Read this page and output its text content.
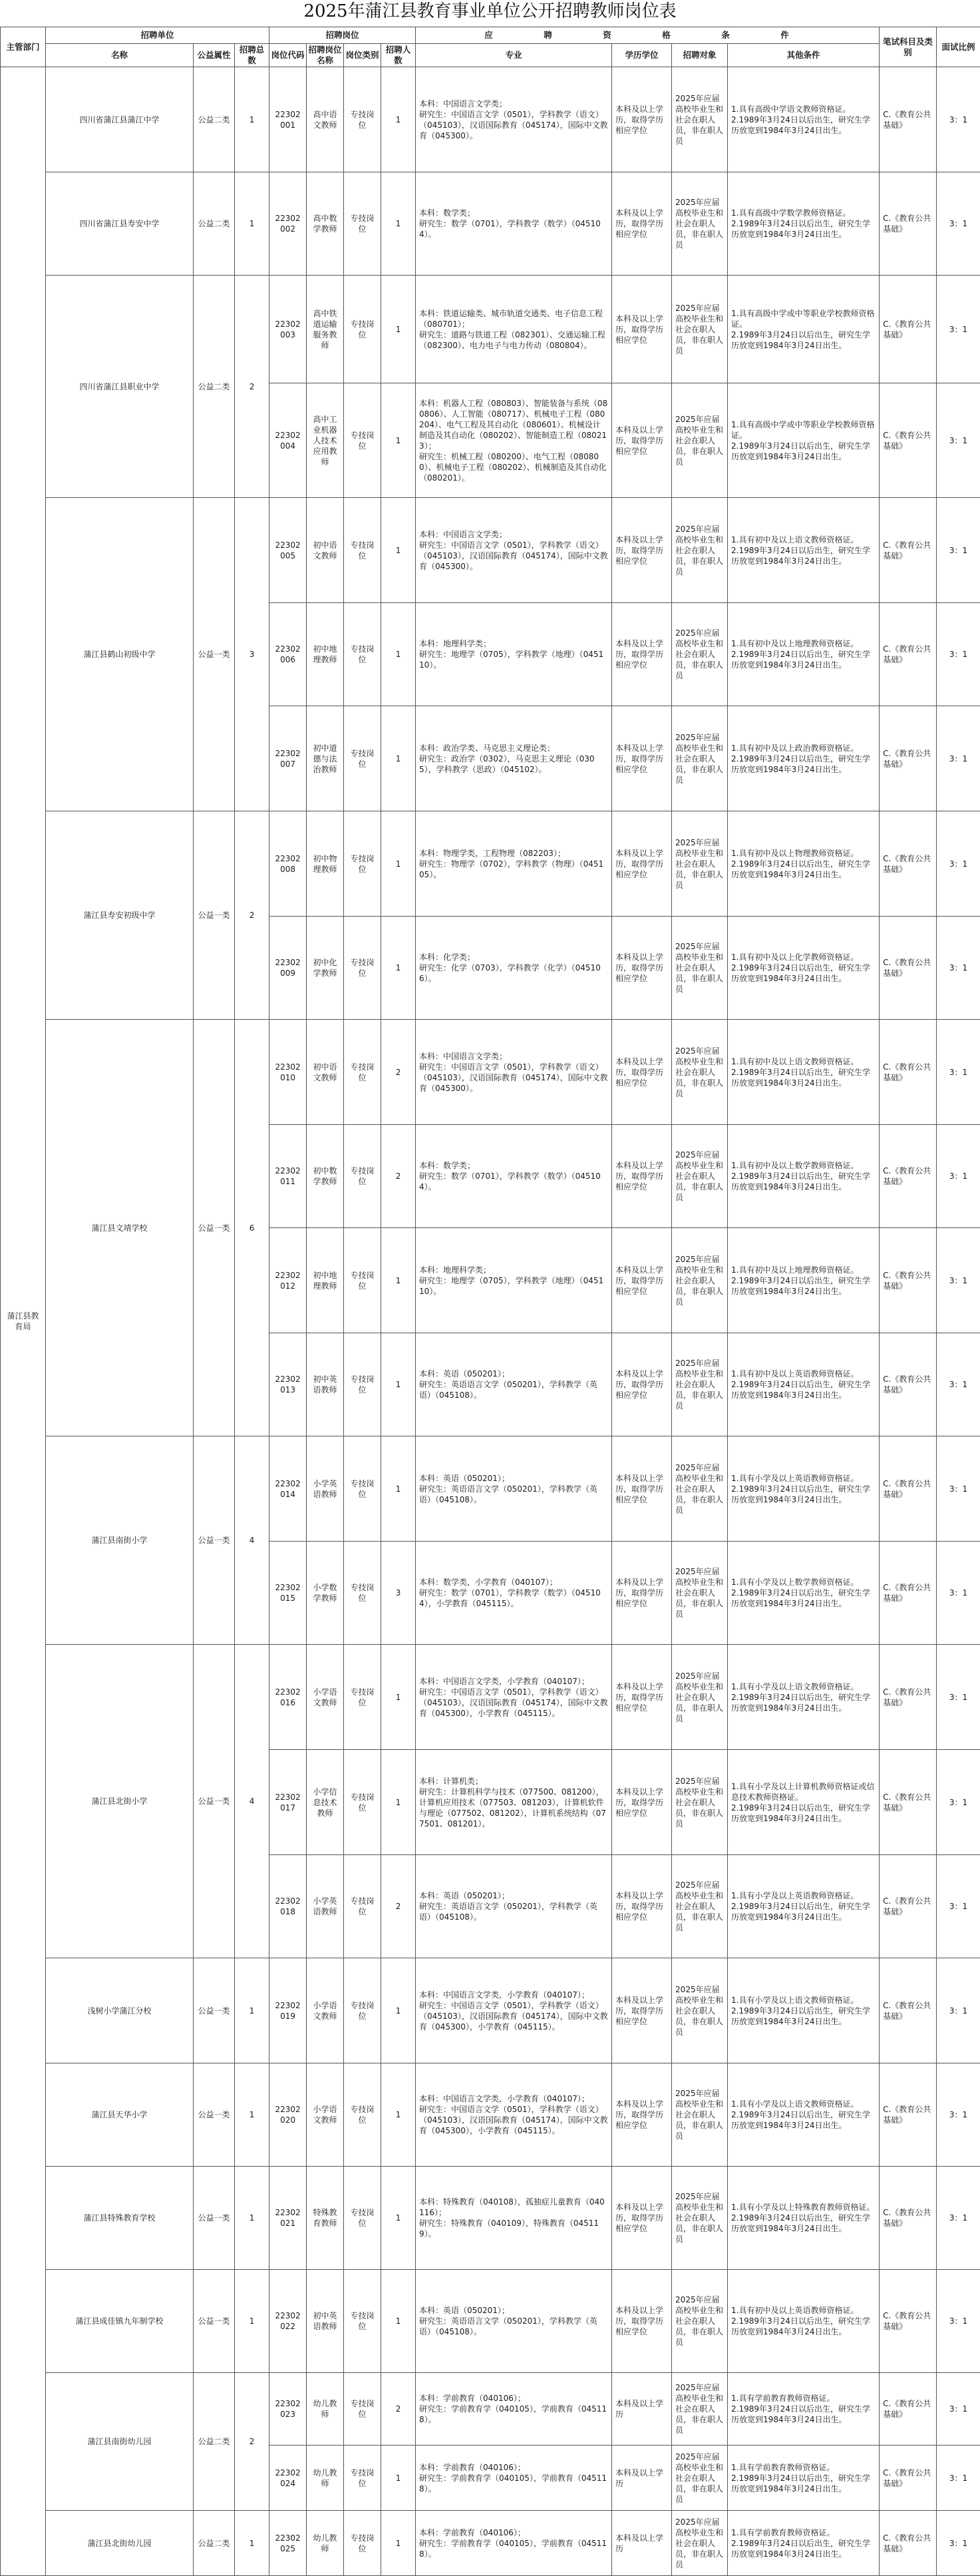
2025年蒲江县教育事业单位公开招聘教师岗位表
主管部门	招聘单位			招聘岗位				应　聘　资　格　条　件				笔试科目及类别	面试比例
	名称	公益属性	招聘总数	岗位代码	招聘岗位名称	岗位类别	招聘人数	专业	学历学位	招聘对象	其他条件		
蒲江县教育局	四川省蒲江县蒲江中学	公益二类	1	22302001	高中语文教师	专技岗位	1	本科：中国语言文学类；
研究生：中国语言文学（0501），学科教学（语文）（045103），汉语国际教育（045174），国际中文教育（045300）。	本科及以上学历，取得学历相应学位	2025年应届高校毕业生和社会在职人员，非在职人员	1.具有高级中学语文教师资格证。
2.1989年3月24日以后出生，研究生学历放宽到1984年3月24日出生。	C.《教育公共基础》	3：1
	四川省蒲江县寿安中学	公益二类	1	22302002	高中数学教师	专技岗位	1	本科：数学类；
研究生：数学（0701），学科教学（数学）（045104）。	本科及以上学历，取得学历相应学位	2025年应届高校毕业生和社会在职人员，非在职人员	1.具有高级中学数学教师资格证。
2.1989年3月24日以后出生，研究生学历放宽到1984年3月24日出生。	C.《教育公共基础》	3：1
	四川省蒲江县职业中学	公益二类	2	22302003	高中铁道运输服务教师	专技岗位	1	本科：铁道运输类、城市轨道交通类、电子信息工程（080701）；
研究生：道路与铁道工程（082301）、交通运输工程（082300）、电力电子与电力传动（080804）。	本科及以上学历，取得学历相应学位	2025年应届高校毕业生和社会在职人员，非在职人员	1.具有高级中学或中等职业学校教师资格证。
2.1989年3月24日以后出生，研究生学历放宽到1984年3月24日出生。	C.《教育公共基础》	3：1
				22302004	高中工业机器人技术应用教师	专技岗位	1	本科：机器人工程（080803）、智能装备与系统（080806）、人工智能（080717）、机械电子工程（080204）、电气工程及其自动化（080601）、机械设计制造及其自动化（080202）、智能制造工程（080213）；
研究生：机械工程（080200）、电气工程（080800）、机械电子工程（080202）、机械制造及其自动化（080201）。	本科及以上学历，取得学历相应学位	2025年应届高校毕业生和社会在职人员，非在职人员	1.具有高级中学或中等职业学校教师资格证。
2.1989年3月24日以后出生，研究生学历放宽到1984年3月24日出生。	C.《教育公共基础》	3：1
	蒲江县鹤山初级中学	公益一类	3	22302005	初中语文教师	专技岗位	1	本科：中国语言文学类；
研究生：中国语言文学（0501），学科教学（语文）（045103），汉语国际教育（045174），国际中文教育（045300）。	本科及以上学历，取得学历相应学位	2025年应届高校毕业生和社会在职人员，非在职人员	1.具有初中及以上语文教师资格证。
2.1989年3月24日以后出生，研究生学历放宽到1984年3月24日出生。	C.《教育公共基础》	3：1
				22302006	初中地理教师	专技岗位	1	本科：地理科学类；
研究生：地理学（0705），学科教学（地理）（045110）。	本科及以上学历，取得学历相应学位	2025年应届高校毕业生和社会在职人员，非在职人员	1.具有初中及以上地理教师资格证。
2.1989年3月24日以后出生，研究生学历放宽到1984年3月24日出生。	C.《教育公共基础》	3：1
				22302007	初中道德与法治教师	专技岗位	1	本科：政治学类、马克思主义理论类；
研究生：政治学（0302），马克思主义理论（0305），学科教学（思政）（045102）。	本科及以上学历，取得学历相应学位	2025年应届高校毕业生和社会在职人员，非在职人员	1.具有初中及以上政治教师资格证。
2.1989年3月24日以后出生，研究生学历放宽到1984年3月24日出生。	C.《教育公共基础》	3：1
	蒲江县寿安初级中学	公益一类	2	22302008	初中物理教师	专技岗位	1	本科：物理学类，工程物理（082203）；
研究生：物理学（0702），学科教学（物理）（045105）。	本科及以上学历，取得学历相应学位	2025年应届高校毕业生和社会在职人员，非在职人员	1.具有初中及以上物理教师资格证。
2.1989年3月24日以后出生，研究生学历放宽到1984年3月24日出生。	C.《教育公共基础》	3：1
				22302009	初中化学教师	专技岗位	1	本科：化学类；
研究生：化学（0703），学科教学（化学）（045106）。	本科及以上学历，取得学历相应学位	2025年应届高校毕业生和社会在职人员，非在职人员	1.具有初中及以上化学教师资格证。
2.1989年3月24日以后出生，研究生学历放宽到1984年3月24日出生。	C.《教育公共基础》	3：1
	蒲江县文靖学校	公益一类	6	22302010	初中语文教师	专技岗位	2	本科：中国语言文学类；
研究生：中国语言文学（0501），学科教学（语文）（045103），汉语国际教育（045174），国际中文教育（045300）。	本科及以上学历，取得学历相应学位	2025年应届高校毕业生和社会在职人员，非在职人员	1.具有初中及以上语文教师资格证。
2.1989年3月24日以后出生，研究生学历放宽到1984年3月24日出生。	C.《教育公共基础》	3：1
				22302011	初中数学教师	专技岗位	2	本科：数学类；
研究生：数学（0701），学科教学（数学）（045104）。	本科及以上学历，取得学历相应学位	2025年应届高校毕业生和社会在职人员，非在职人员	1.具有初中及以上数学教师资格证。
2.1989年3月24日以后出生，研究生学历放宽到1984年3月24日出生。	C.《教育公共基础》	3：1
				22302012	初中地理教师	专技岗位	1	本科：地理科学类；
研究生：地理学（0705），学科教学（地理）（045110）。	本科及以上学历，取得学历相应学位	2025年应届高校毕业生和社会在职人员，非在职人员	1.具有初中及以上地理教师资格证。
2.1989年3月24日以后出生，研究生学历放宽到1984年3月24日出生。	C.《教育公共基础》	3：1
				22302013	初中英语教师	专技岗位	1	本科：英语（050201）；
研究生：英语语言文学（050201），学科教学（英语）（045108）。	本科及以上学历，取得学历相应学位	2025年应届高校毕业生和社会在职人员，非在职人员	1.具有初中及以上英语教师资格证。
2.1989年3月24日以后出生，研究生学历放宽到1984年3月24日出生。	C.《教育公共基础》	3：1
	蒲江县南街小学	公益一类	4	22302014	小学英语教师	专技岗位	1	本科：英语（050201）；
研究生：英语语言文学（050201），学科教学（英语）（045108）。	本科及以上学历，取得学历相应学位	2025年应届高校毕业生和社会在职人员，非在职人员	1.具有小学及以上英语教师资格证。
2.1989年3月24日以后出生，研究生学历放宽到1984年3月24日出生。	C.《教育公共基础》	3：1
				22302015	小学数学教师	专技岗位	3	本科：数学类，小学教育（040107）；
研究生：数学（0701），学科教学（数学）（045104），小学教育（045115）。	本科及以上学历，取得学历相应学位	2025年应届高校毕业生和社会在职人员，非在职人员	1.具有小学及以上数学教师资格证。
2.1989年3月24日以后出生，研究生学历放宽到1984年3月24日出生。	C.《教育公共基础》	3：1
	蒲江县北街小学	公益一类	4	22302016	小学语文教师	专技岗位	1	本科：中国语言文学类，小学教育（040107）；
研究生：中国语言文学（0501），学科教学（语文）（045103），汉语国际教育（045174），国际中文教育（045300），小学教育（045115）。	本科及以上学历，取得学历相应学位	2025年应届高校毕业生和社会在职人员，非在职人员	1.具有小学及以上语文教师资格证。
2.1989年3月24日以后出生，研究生学历放宽到1984年3月24日出生。	C.《教育公共基础》	3：1
				22302017	小学信息技术教师	专技岗位	1	本科：计算机类；
研究生：计算机科学与技术（077500、081200），计算机应用技术（077503、081203），计算机软件与理论（077502、081202），计算机系统结构（077501、081201）。	本科及以上学历，取得学历相应学位	2025年应届高校毕业生和社会在职人员，非在职人员	1.具有小学及以上计算机教师资格证或信息技术教师资格证。
2.1989年3月24日以后出生，研究生学历放宽到1984年3月24日出生。	C.《教育公共基础》	3：1
				22302018	小学英语教师	专技岗位	2	本科：英语（050201）；
研究生：英语语言文学（050201），学科教学（英语）（045108）。	本科及以上学历，取得学历相应学位	2025年应届高校毕业生和社会在职人员，非在职人员	1.具有小学及以上英语教师资格证。
2.1989年3月24日以后出生，研究生学历放宽到1984年3月24日出生。	C.《教育公共基础》	3：1
	浅树小学蒲江分校	公益一类	1	22302019	小学语文教师	专技岗位	1	本科：中国语言文学类，小学教育（040107）；
研究生：中国语言文学（0501），学科教学（语文）（045103），汉语国际教育（045174），国际中文教育（045300），小学教育（045115）。	本科及以上学历，取得学历相应学位	2025年应届高校毕业生和社会在职人员，非在职人员	1.具有小学及以上语文教师资格证。
2.1989年3月24日以后出生，研究生学历放宽到1984年3月24日出生。	C.《教育公共基础》	3：1
	蒲江县天华小学	公益一类	1	22302020	小学语文教师	专技岗位	1	本科：中国语言文学类，小学教育（040107）；
研究生：中国语言文学（0501），学科教学（语文）（045103），汉语国际教育（045174），国际中文教育（045300），小学教育（045115）。	本科及以上学历，取得学历相应学位	2025年应届高校毕业生和社会在职人员，非在职人员	1.具有小学及以上语文教师资格证。
2.1989年3月24日以后出生，研究生学历放宽到1984年3月24日出生。	C.《教育公共基础》	3：1
	蒲江县特殊教育学校	公益一类	1	22302021	特殊教育教师	专技岗位	1	本科：特殊教育（040108），孤独症儿童教育（040116）；
研究生：特殊教育（040109），特殊教育（045119）。	本科及以上学历，取得学历相应学位	2025年应届高校毕业生和社会在职人员，非在职人员	1.具有小学及以上特殊教育教师资格证。
2.1989年3月24日以后出生，研究生学历放宽到1984年3月24日出生。	C.《教育公共基础》	3：1
	蒲江县成佳镇九年制学校	公益一类	1	22302022	初中英语教师	专技岗位	1	本科：英语（050201）；
研究生：英语语言文学（050201），学科教学（英语）（045108）。	本科及以上学历，取得学历相应学位	2025年应届高校毕业生和社会在职人员，非在职人员	1.具有初中及以上英语教师资格证。
2.1989年3月24日以后出生，研究生学历放宽到1984年3月24日出生。	C.《教育公共基础》	3：1
	蒲江县南街幼儿园	公益二类	2	22302023	幼儿教师	专技岗位	2	本科：学前教育（040106）；
研究生：学前教育学（040105），学前教育（045118）。	本科及以上学历	2025年应届高校毕业生和社会在职人员，非在职人员	1.具有学前教育教师资格证。
2.1989年3月24日以后出生，研究生学历放宽到1984年3月24日出生。	C.《教育公共基础》	3：1
				22302024	幼儿教师	专技岗位	1	本科：学前教育（040106）；
研究生：学前教育学（040105），学前教育（045118）。	本科及以上学历	2025年应届高校毕业生和社会在职人员，非在职人员	1.具有学前教育教师资格证。
2.1989年3月24日以后出生，研究生学历放宽到1984年3月24日出生。	C.《教育公共基础》	3：1
	蒲江县北街幼儿园	公益二类	1	22302025	幼儿教师	专技岗位	1	本科：学前教育（040106）；
研究生：学前教育学（040105），学前教育（045118）。	本科及以上学历	2025年应届高校毕业生和社会在职人员，非在职人员	1.具有学前教育教师资格证。
2.1989年3月24日以后出生，研究生学历放宽到1984年3月24日出生。	C.《教育公共基础》	3：1
